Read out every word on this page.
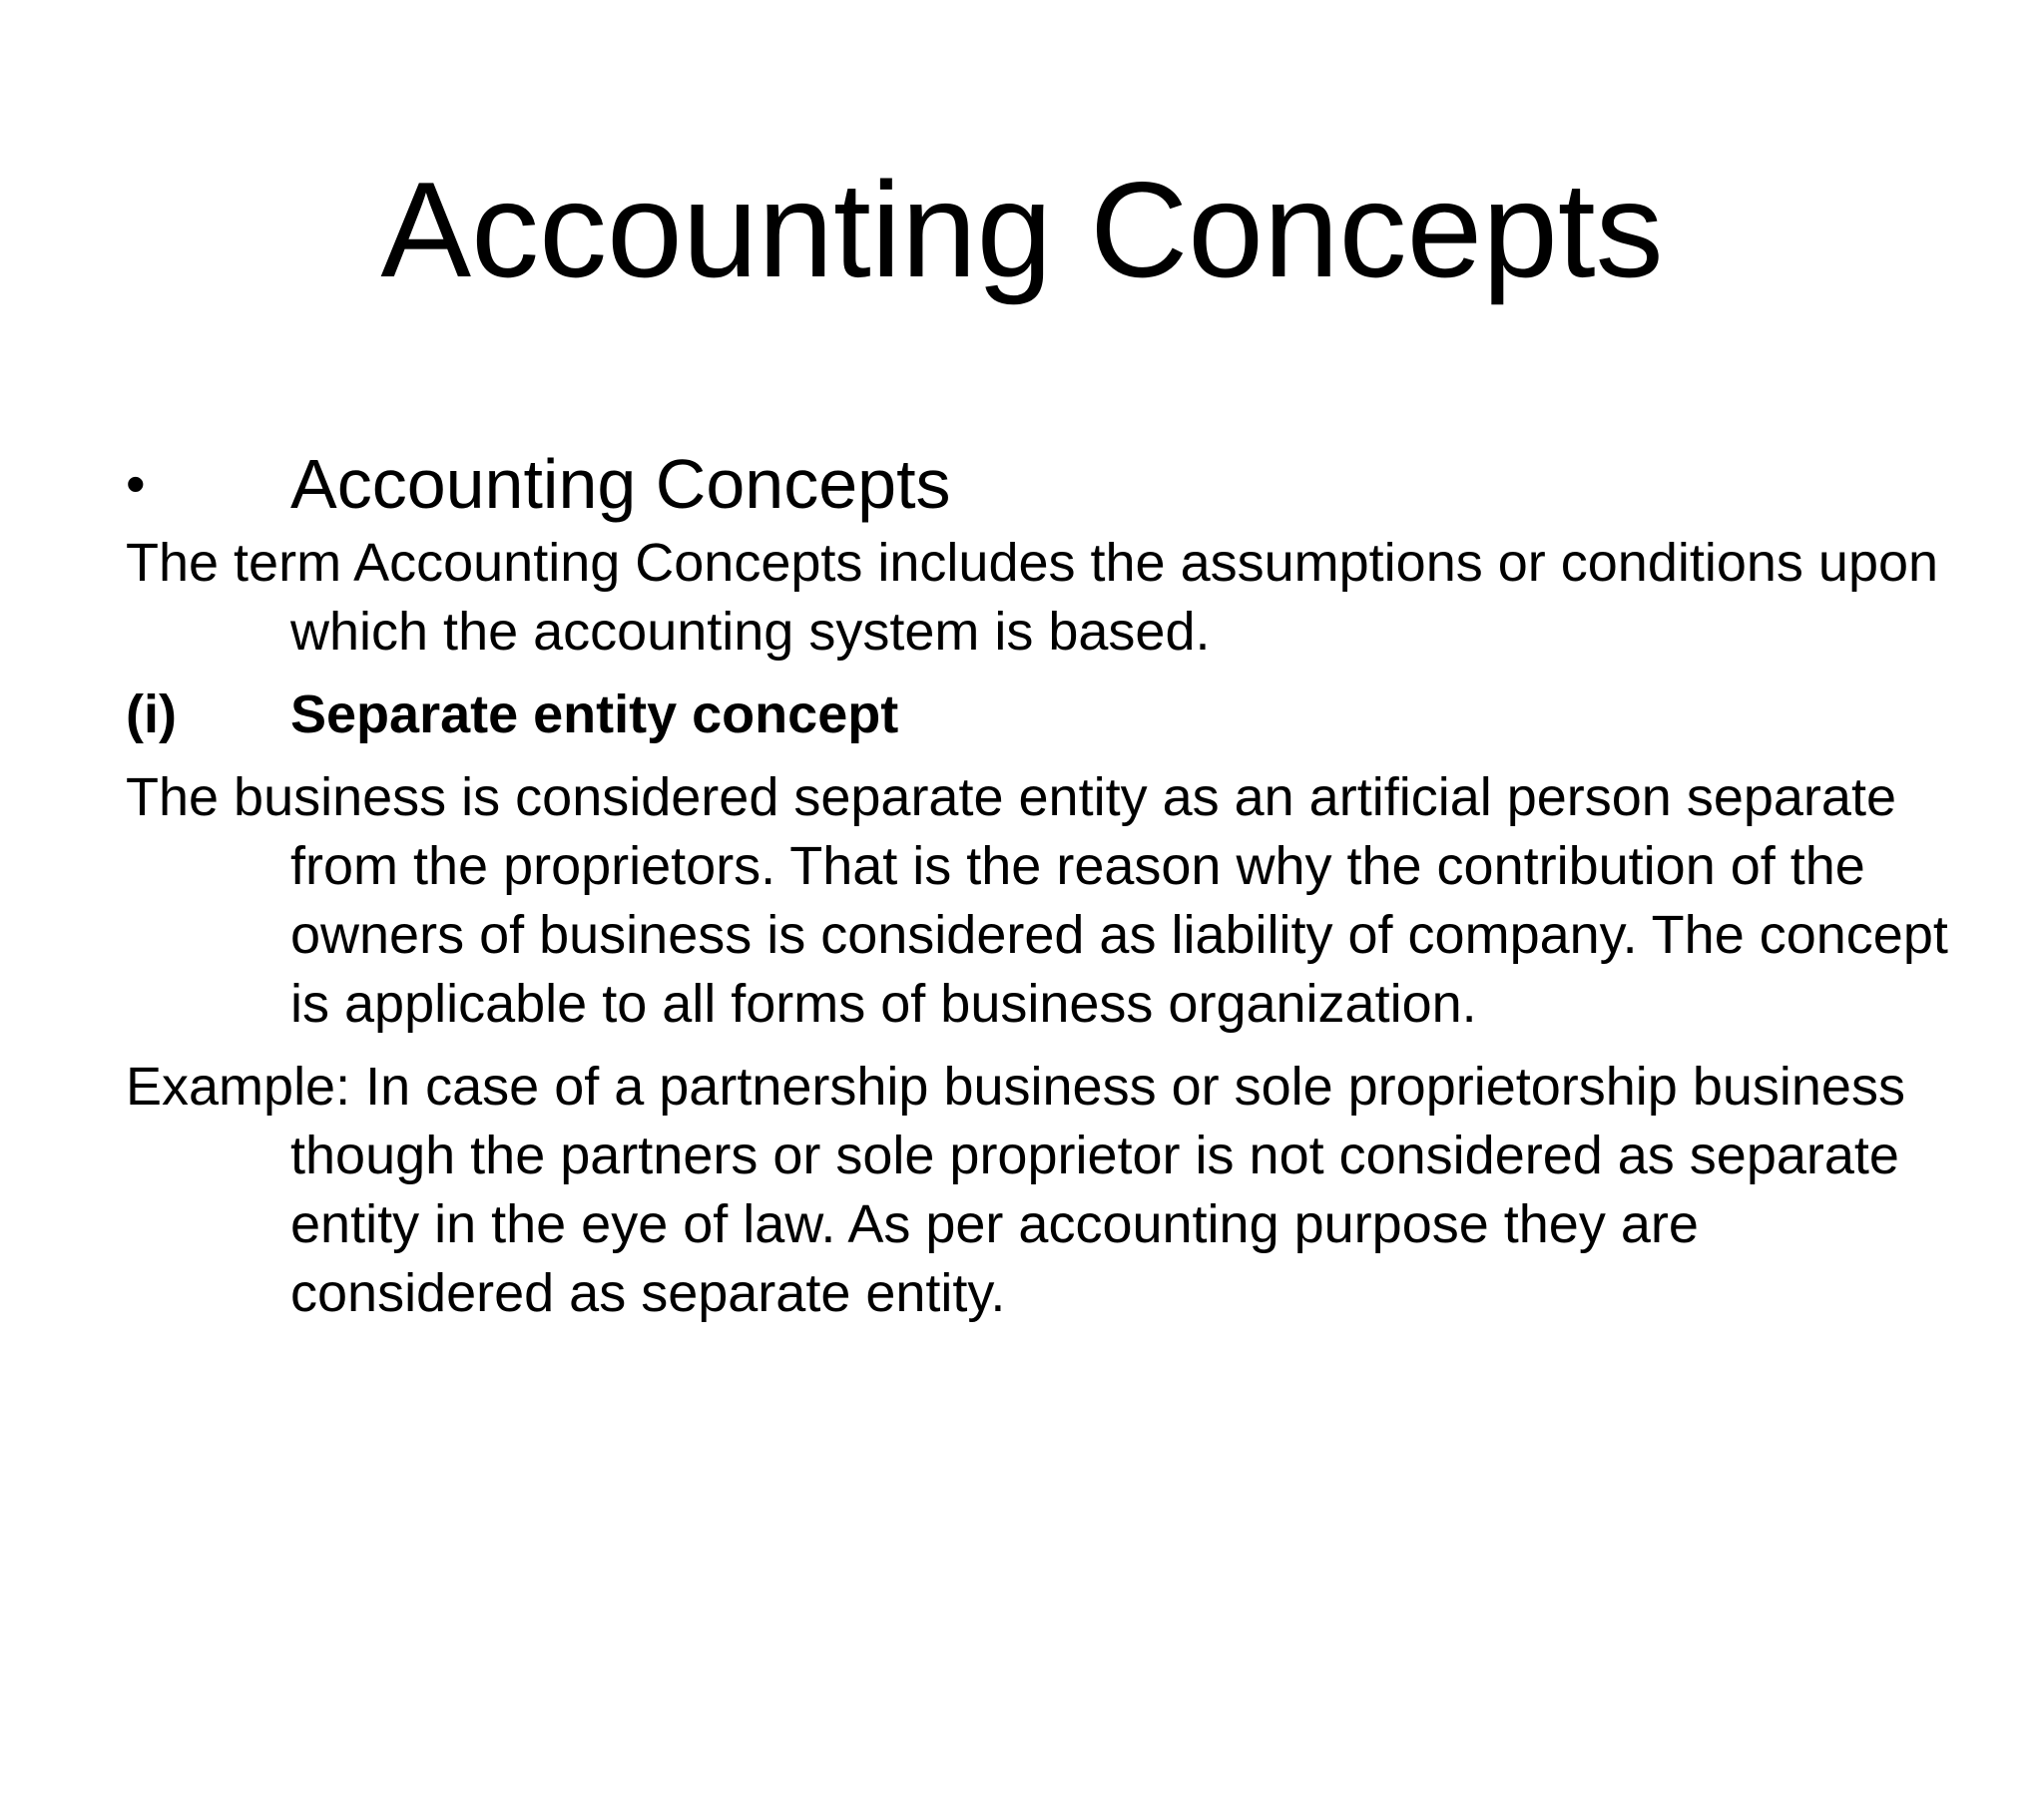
Accounting Concepts
• Accounting Concepts

The term Accounting Concepts includes the assumptions or conditions upon which the accounting system is based.

(i) Separate entity concept

The business is considered separate entity as an artificial person separate from the proprietors. That is the reason why the contribution of the owners of business is considered as liability of company. The concept is applicable to all forms of business organization.

Example: In case of a partnership business or sole proprietorship business though the partners or sole proprietor is not considered as separate entity in the eye of law. As per accounting purpose they are considered as separate entity.
